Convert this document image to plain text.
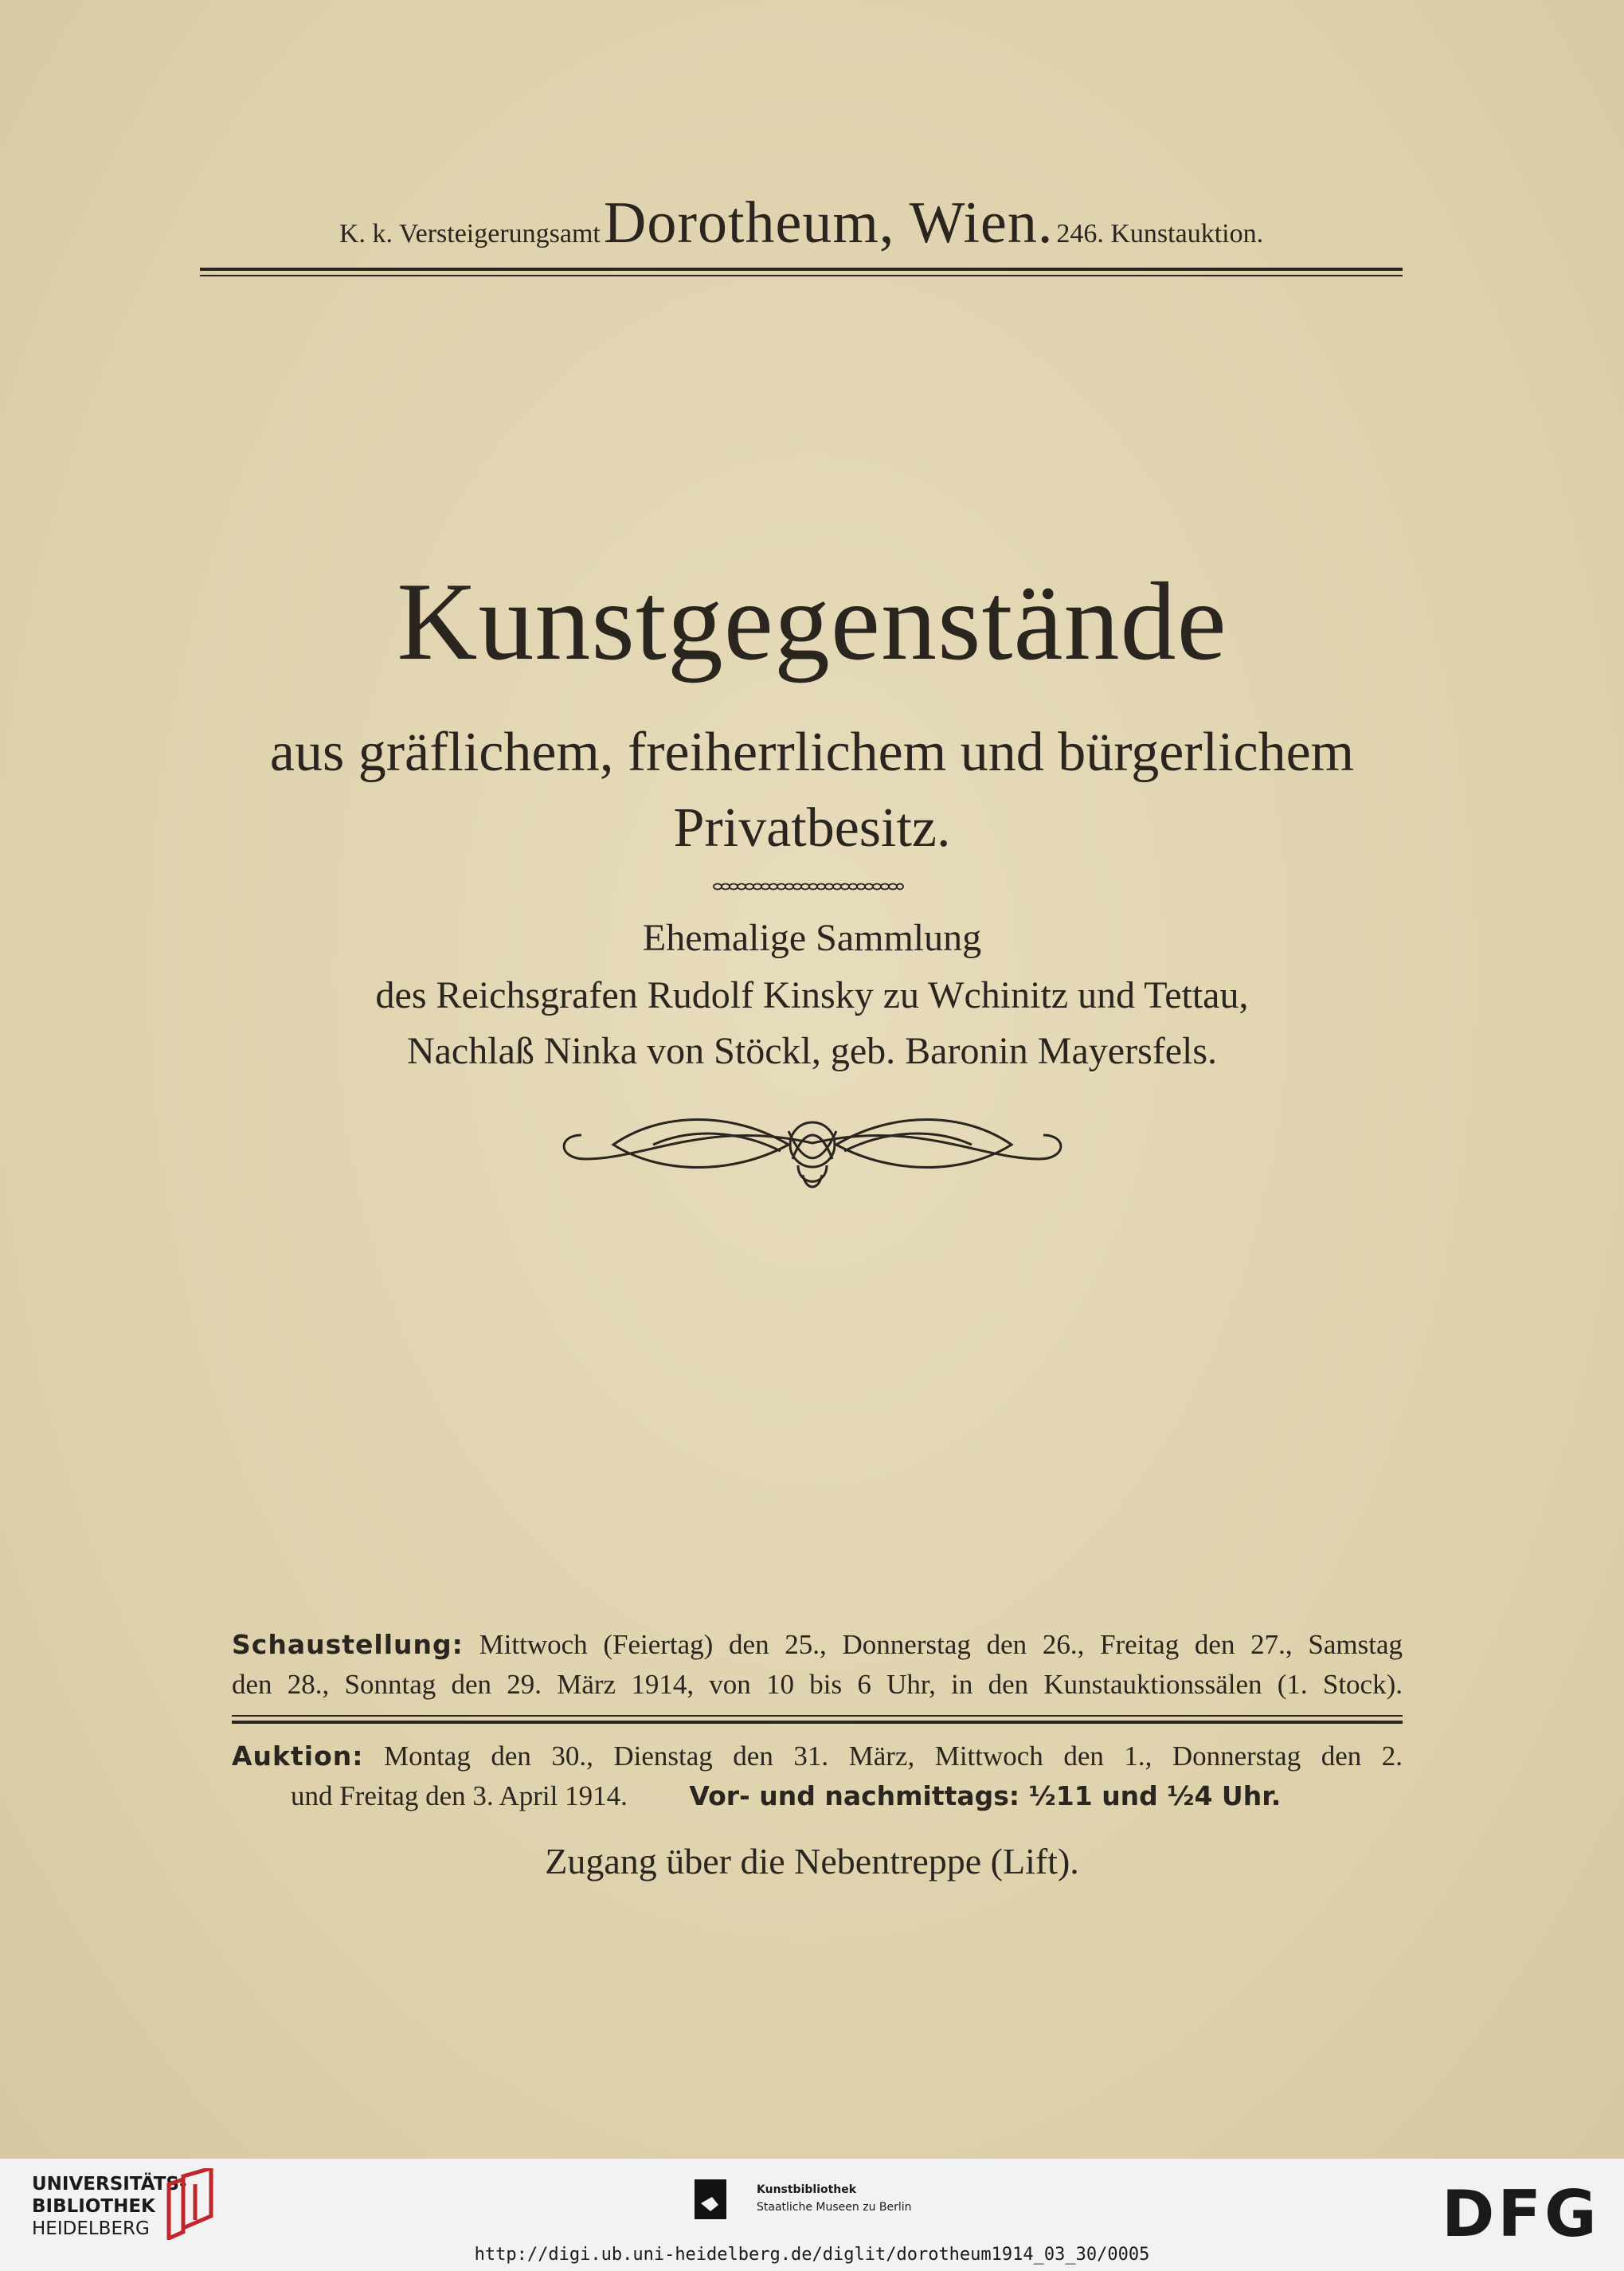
K. k. Versteigerungsamt Dorotheum, Wien. 246. Kunstauktion.
Kunstgegenstände
aus gräflichem, freiherrlichem und bürgerlichem
Privatbesitz.
Ehemalige Sammlung
des Reichsgrafen Rudolf Kinsky zu Wchinitz und Tettau,
Nachlaß Ninka von Stöckl, geb. Baronin Mayersfels.
Schaustellung: Mittwoch (Feiertag) den 25., Donnerstag den 26., Freitag den 27., Samstag
den 28., Sonntag den 29. März 1914, von 10 bis 6 Uhr, in den Kunstauktionssälen (1. Stock).
Auktion: Montag den 30., Dienstag den 31. März, Mittwoch den 1., Donnerstag den 2.
und Freitag den 3. April 1914. Vor- und nachmittags: ½11 und ½4 Uhr.
Zugang über die Nebentreppe (Lift).
UNIVERSITÄTS-
BIBLIOTHEK
HEIDELBERG
Kunstbibliothek
Staatliche Museen zu Berlin	DFG
http://digi.ub.uni-heidelberg.de/diglit/dorotheum1914_03_30/0005
